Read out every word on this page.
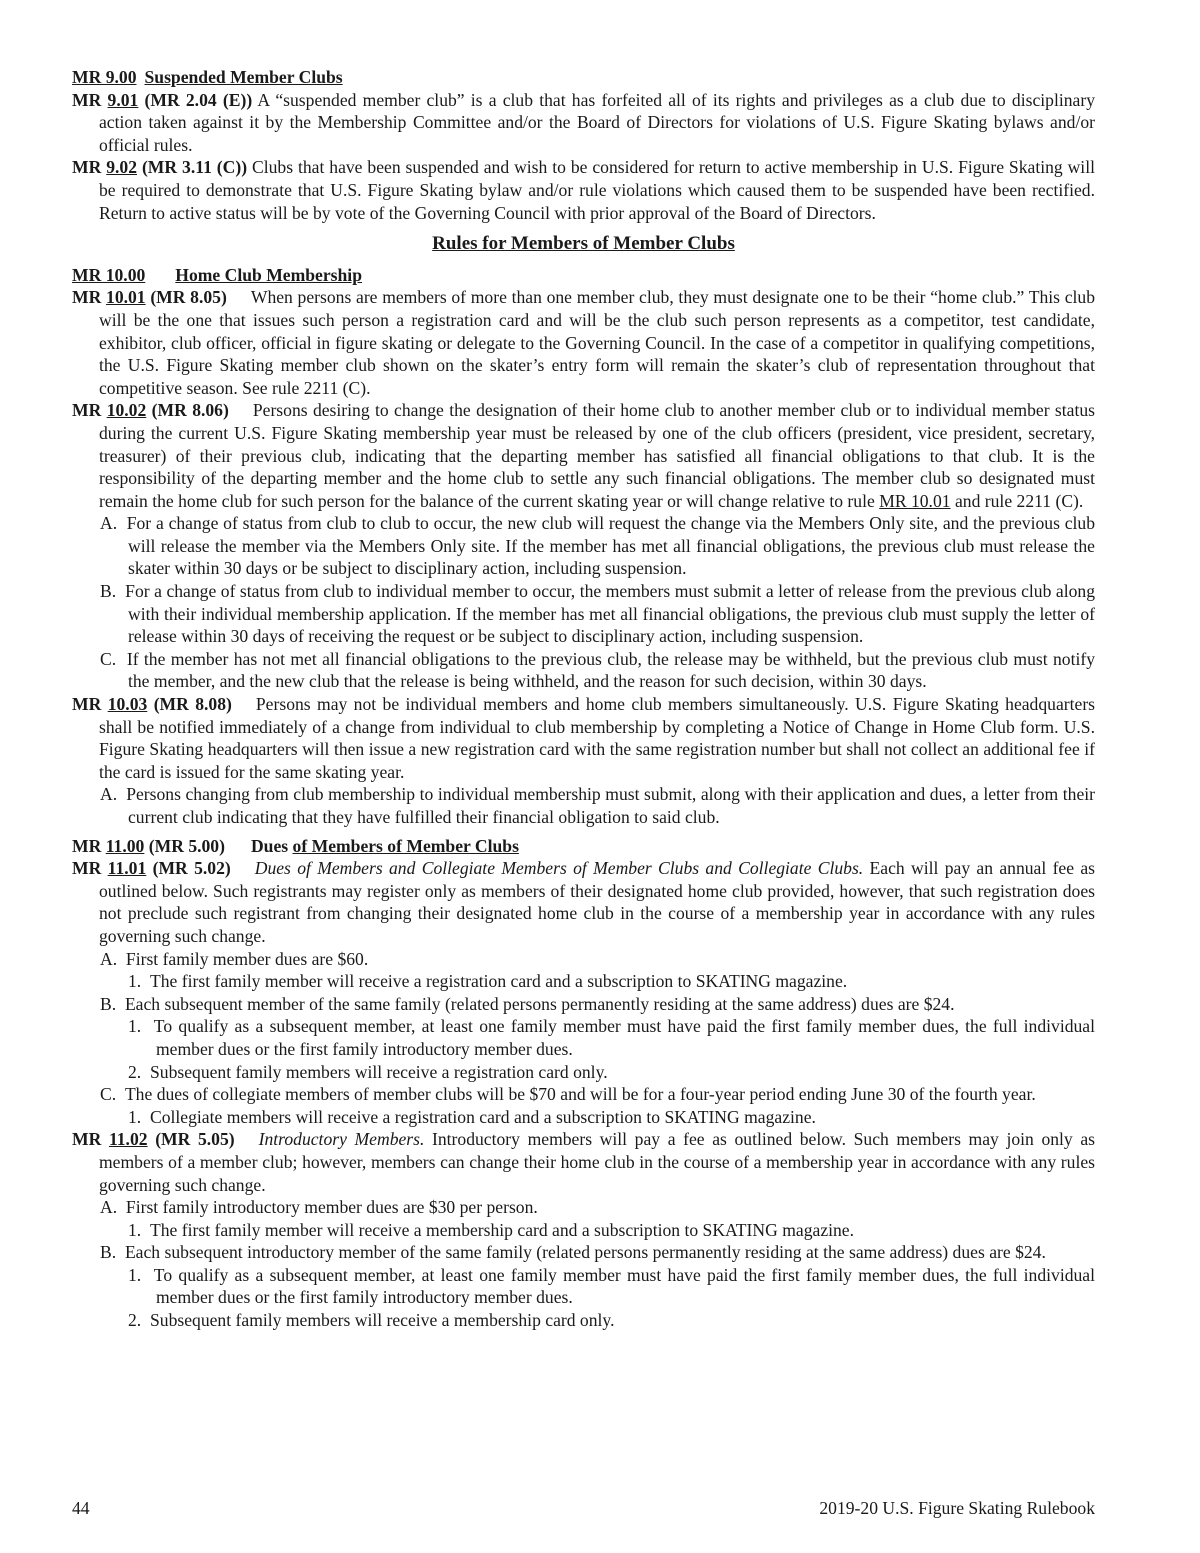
MR 9.00 Suspended Member Clubs

MR 9.01 (MR 2.04 (E)) A “suspended member club” is a club that has forfeited all of its rights and privileges as a club due to disciplinary action taken against it by the Membership Committee and/or the Board of Directors for violations of U.S. Figure Skating bylaws and/or official rules.

MR 9.02 (MR 3.11 (C)) Clubs that have been suspended and wish to be considered for return to active membership in U.S. Figure Skating will be required to demonstrate that U.S. Figure Skating bylaw and/or rule violations which caused them to be suspended have been rectified. Return to active status will be by vote of the Governing Council with prior approval of the Board of Directors.

Rules for Members of Member Clubs

MR 10.00 Home Club Membership

MR 10.01 (MR 8.05) When persons are members of more than one member club, they must designate one to be their “home club.” This club will be the one that issues such person a registration card and will be the club such person represents as a competitor, test candidate, exhibitor, club officer, official in figure skating or delegate to the Governing Council. In the case of a competitor in qualifying competitions, the U.S. Figure Skating member club shown on the skater’s entry form will remain the skater’s club of representation throughout that competitive season. See rule 2211 (C).

MR 10.02 (MR 8.06) Persons desiring to change the designation of their home club to another member club or to individual member status during the current U.S. Figure Skating membership year must be released by one of the club officers (president, vice president, secretary, treasurer) of their previous club, indicating that the departing member has satisfied all financial obligations to that club. It is the responsibility of the departing member and the home club to settle any such financial obligations. The member club so designated must remain the home club for such person for the balance of the current skating year or will change relative to rule MR 10.01 and rule 2211 (C).

A. For a change of status from club to club to occur, the new club will request the change via the Members Only site, and the previous club will release the member via the Members Only site. If the member has met all financial obligations, the previous club must release the skater within 30 days or be subject to disciplinary action, including suspension.

B. For a change of status from club to individual member to occur, the members must submit a letter of release from the previous club along with their individual membership application. If the member has met all financial obligations, the previous club must supply the letter of release within 30 days of receiving the request or be subject to disciplinary action, including suspension.

C. If the member has not met all financial obligations to the previous club, the release may be withheld, but the previous club must notify the member, and the new club that the release is being withheld, and the reason for such decision, within 30 days.

MR 10.03 (MR 8.08) Persons may not be individual members and home club members simultaneously. U.S. Figure Skating headquarters shall be notified immediately of a change from individual to club membership by completing a Notice of Change in Home Club form. U.S. Figure Skating headquarters will then issue a new registration card with the same registration number but shall not collect an additional fee if the card is issued for the same skating year.

A. Persons changing from club membership to individual membership must submit, along with their application and dues, a letter from their current club indicating that they have fulfilled their financial obligation to said club.

MR 11.00 (MR 5.00) Dues of Members of Member Clubs

MR 11.01 (MR 5.02) Dues of Members and Collegiate Members of Member Clubs and Collegiate Clubs. Each will pay an annual fee as outlined below. Such registrants may register only as members of their designated home club provided, however, that such registration does not preclude such registrant from changing their designated home club in the course of a membership year in accordance with any rules governing such change.

A. First family member dues are $60.

1. The first family member will receive a registration card and a subscription to SKATING magazine.

B. Each subsequent member of the same family (related persons permanently residing at the same address) dues are $24.

1. To qualify as a subsequent member, at least one family member must have paid the first family member dues, the full individual member dues or the first family introductory member dues.

2. Subsequent family members will receive a registration card only.

C. The dues of collegiate members of member clubs will be $70 and will be for a four-year period ending June 30 of the fourth year.

1. Collegiate members will receive a registration card and a subscription to SKATING magazine.

MR 11.02 (MR 5.05) Introductory Members. Introductory members will pay a fee as outlined below. Such members may join only as members of a member club; however, members can change their home club in the course of a membership year in accordance with any rules governing such change.

A. First family introductory member dues are $30 per person.

1. The first family member will receive a membership card and a subscription to SKATING magazine.

B. Each subsequent introductory member of the same family (related persons permanently residing at the same address) dues are $24.

1. To qualify as a subsequent member, at least one family member must have paid the first family member dues, the full individual member dues or the first family introductory member dues.

2. Subsequent family members will receive a membership card only.

44	2019-20 U.S. Figure Skating Rulebook
